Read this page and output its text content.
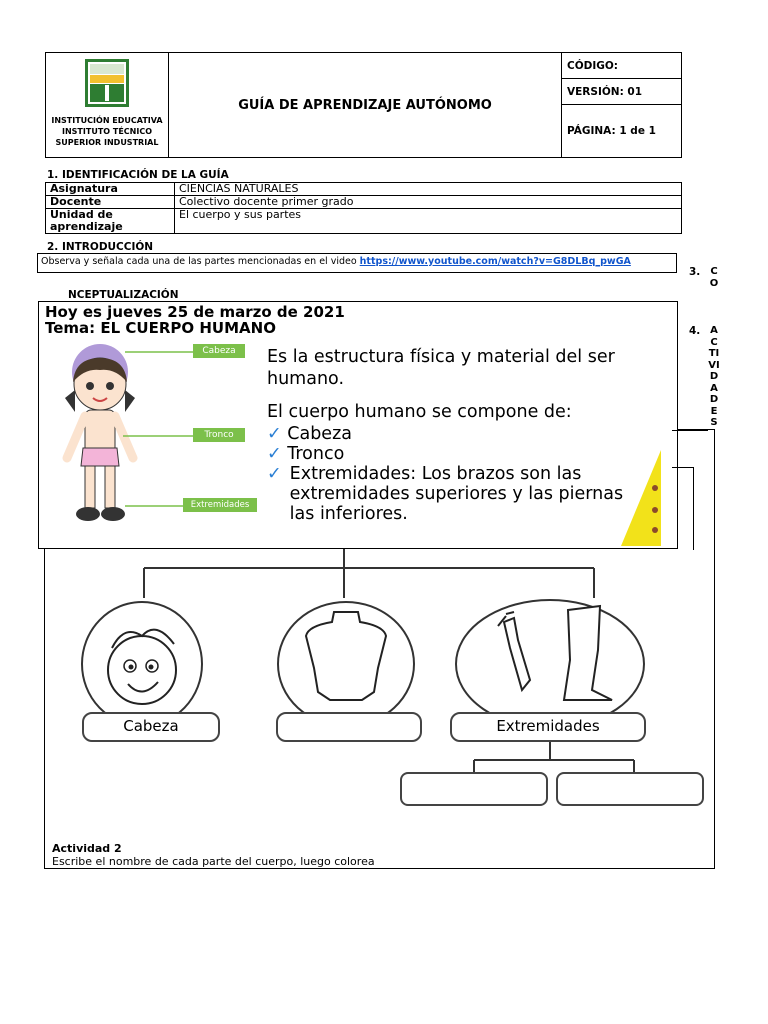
INSTITUCIÓN EDUCATIVA
INSTITUTO TÉCNICO
SUPERIOR INDUSTRIAL
	GUÍA DE APRENDIZAJE AUTÓNOMO	CÓDIGO:
VERSIÓN: 01
PÁGINA: 1 de 1
1. IDENTIFICACIÓN DE LA GUÍA
Asignatura	CIENCIAS NATURALES
Docente	Colectivo docente primer grado
Unidad de aprendizaje	El cuerpo y sus partes
2. INTRODUCCIÓN
Observa y señala cada una de las partes mencionadas en el video https://www.youtube.com/watch?v=G8DLBq_pwGA
3. C
O
NCEPTUALIZACIÓN
4. A
C
TI
VI
D
A
D
E
S
Cabeza	Extremidades
Actividad 2
Escribe el nombre de cada parte del cuerpo, luego colorea
Hoy es jueves 25 de marzo de 2021
Tema: EL CUERPO HUMANO
Cabeza
Tronco
Extremidades
Es la estructura física y material del ser humano.
El cuerpo humano se compone de:
✓ Cabeza
✓ Tronco
✓ Extremidades: Los brazos son las extremidades superiores y las piernas las inferiores.
